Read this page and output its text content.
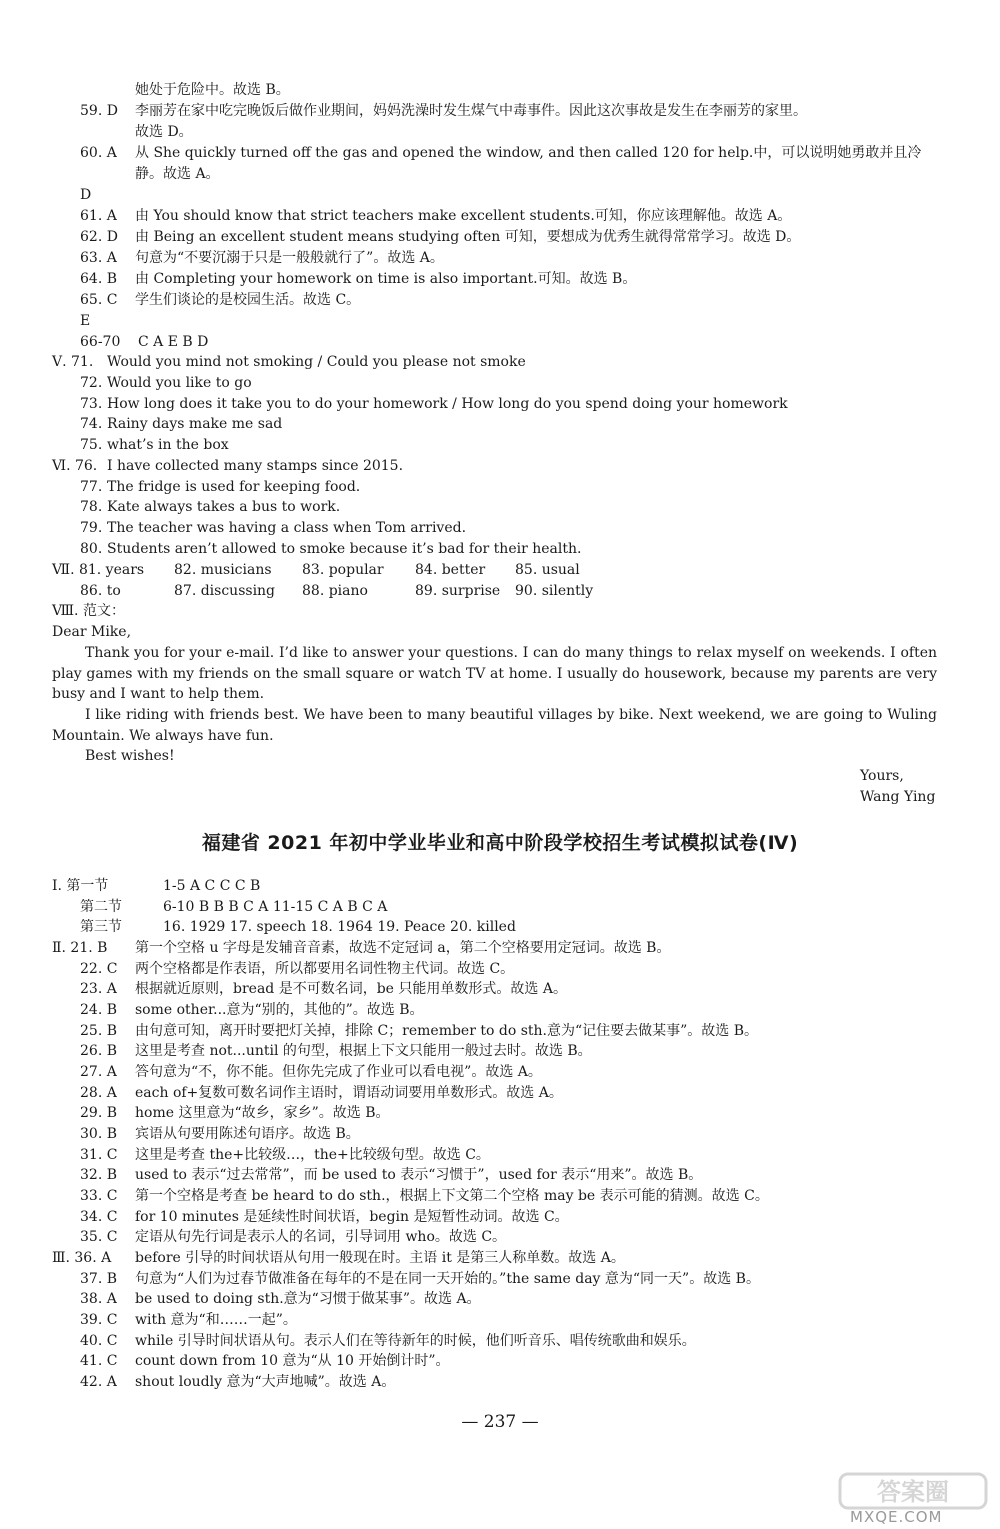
她处于危险中。故选 B。
59. D 李丽芳在家中吃完晚饭后做作业期间，妈妈洗澡时发生煤气中毒事件。因此这次事故是发生在李丽芳的家里。
故选 D。
60. A 从 She quickly turned off the gas and opened the window, and then called 120 for help.中，可以说明她勇敢并且冷
静。故选 A。
D
61. A 由 You should know that strict teachers make excellent students.可知，你应该理解他。故选 A。
62. D 由 Being an excellent student means studying often 可知，要想成为优秀生就得常常学习。故选 D。
63. A 句意为“不要沉溺于只是一般般就行了”。故选 A。
64. B 由 Completing your homework on time is also important.可知。故选 B。
65. C 学生们谈论的是校园生活。故选 C。
E
66-70 C A E B D
Ⅴ. 71. Would you mind not smoking / Could you please not smoke
72. Would you like to go
73. How long does it take you to do your homework / How long do you spend doing your homework
74. Rainy days make me sad
75. what’s in the box
Ⅵ. 76. I have collected many stamps since 2015.
77. The fridge is used for keeping food.
78. Kate always takes a bus to work.
79. The teacher was having a class when Tom arrived.
80. Students aren’t allowed to smoke because it’s bad for their health.
Ⅶ. 81. years 82. musicians 83. popular 84. better 85. usual
86. to	87. discussing 88. piano	89. surprise 90. silently
Ⅷ. 范文：
Dear Mike,
Thank you for your e-mail. I’d like to answer your questions. I can do many things to relax myself on weekends. I often play games with my friends on the small square or watch TV at home. I usually do housework, because my parents are very busy and I want to help them.
I like riding with friends best. We have been to many beautiful villages by bike. Next weekend, we are going to Wuling Mountain. We always have fun.
Best wishes!
Yours,
Wang Ying
福建省 2021 年初中学业毕业和高中阶段学校招生考试模拟试卷(Ⅳ)
Ⅰ. 第一节	1-5 A C C C B
第二节	6-10 B B B C A 11-15 C A B C A
第三节	16. 1929 17. speech 18. 1964 19. Peace 20. killed
Ⅱ. 21. B 第一个空格 u 字母是发辅音音素，故选不定冠词 a，第二个空格要用定冠词。故选 B。
22. C 两个空格都是作表语，所以都要用名词性物主代词。故选 C。
23. A 根据就近原则，bread 是不可数名词，be 只能用单数形式。故选 A。
24. B some other...意为“别的，其他的”。故选 B。
25. B 由句意可知，离开时要把灯关掉，排除 C；remember to do sth.意为“记住要去做某事”。故选 B。
26. B 这里是考查 not...until 的句型，根据上下文只能用一般过去时。故选 B。
27. A 答句意为“不，你不能。但你先完成了作业可以看电视”。故选 A。
28. A each of+复数可数名词作主语时，谓语动词要用单数形式。故选 A。
29. B home 这里意为“故乡，家乡”。故选 B。
30. B 宾语从句要用陈述句语序。故选 B。
31. C 这里是考查 the+比较级…，the+比较级句型。故选 C。
32. B used to 表示“过去常常”，而 be used to 表示“习惯于”，used for 表示“用来”。故选 B。
33. C 第一个空格是考查 be heard to do sth.，根据上下文第二个空格 may be 表示可能的猜测。故选 C。
34. C for 10 minutes 是延续性时间状语，begin 是短暂性动词。故选 C。
35. C 定语从句先行词是表示人的名词，引导词用 who。故选 C。
Ⅲ. 36. A before 引导的时间状语从句用一般现在时。主语 it 是第三人称单数。故选 A。
37. B 句意为“人们为过春节做准备在每年的不是在同一天开始的。”the same day 意为“同一天”。故选 B。
38. A be used to doing sth.意为“习惯于做某事”。故选 A。
39. C with 意为“和……一起”。
40. C while 引导时间状语从句。表示人们在等待新年的时候，他们听音乐、唱传统歌曲和娱乐。
41. C count down from 10 意为“从 10 开始倒计时”。
42. A shout loudly 意为“大声地喊”。故选 A。
— 237 —
答案圈
MXQE.COM
